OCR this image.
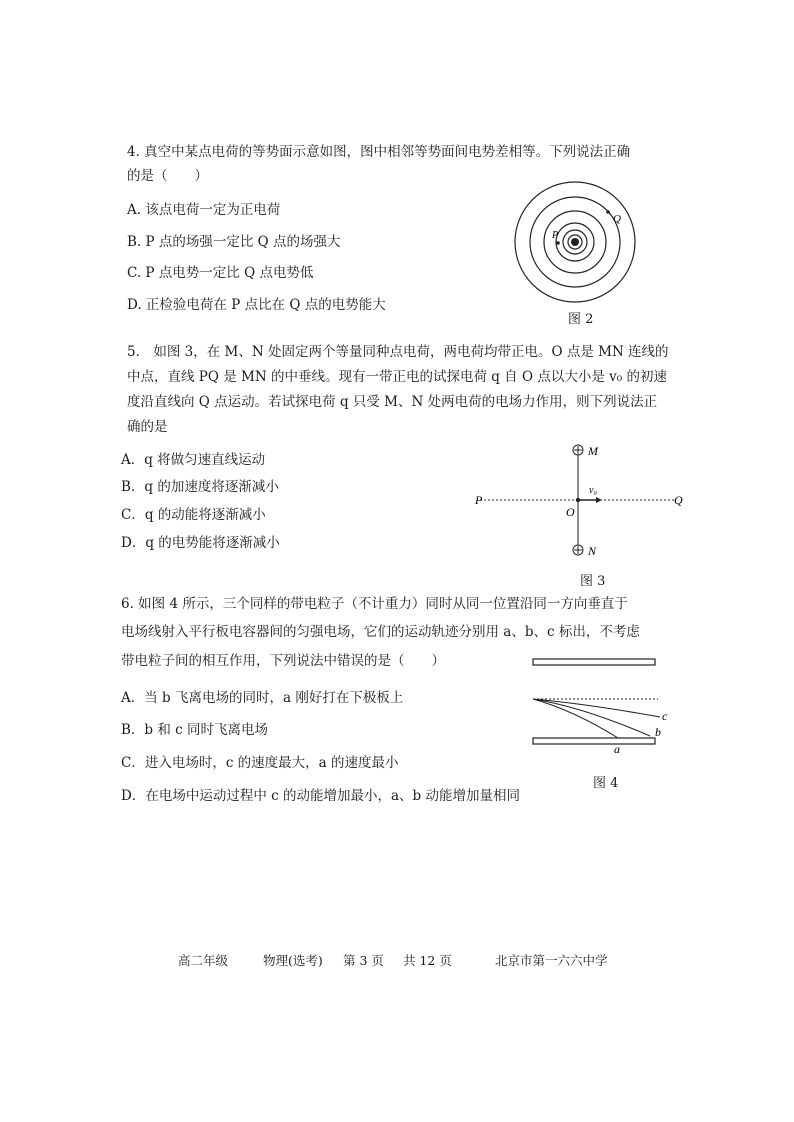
4. 真空中某点电荷的等势面示意如图，图中相邻等势面间电势差相等。下列说法正确
的是（　　）
A. 该点电荷一定为正电荷
B. P 点的场强一定比 Q 点的场强大
C. P 点电势一定比 Q 点电势低
D. 正检验电荷在 P 点比在 Q 点的电势能大
P
Q
图 2
5.　如图 3，在 M、N 处固定两个等量同种点电荷，两电荷均带正电。O 点是 MN 连线的
中点，直线 PQ 是 MN 的中垂线。现有一带正电的试探电荷 q 自 O 点以大小是 v₀ 的初速
度沿直线向 Q 点运动。若试探电荷 q 只受 M、N 处两电荷的电场力作用，则下列说法正
确的是
A．q 将做匀速直线运动
B．q 的加速度将逐渐减小
C．q 的动能将逐渐减小
D．q 的电势能将逐渐减小
M
N
P	Q
O
v₀
图 3
6. 如图 4 所示，三个同样的带电粒子（不计重力）同时从同一位置沿同一方向垂直于
电场线射入平行板电容器间的匀强电场，它们的运动轨迹分别用 a、b、c 标出，不考虑
带电粒子间的相互作用，下列说法中错误的是（　　）
A．当 b 飞离电场的同时，a 刚好打在下极板上
B．b 和 c 同时飞离电场
C．进入电场时，c 的速度最大，a 的速度最小
D．在电场中运动过程中 c 的动能增加最小，a、b 动能增加量相同
c
b
a
图 4
高二年级	物理(选考) 第 3 页 共 12 页	北京市第一六六中学
